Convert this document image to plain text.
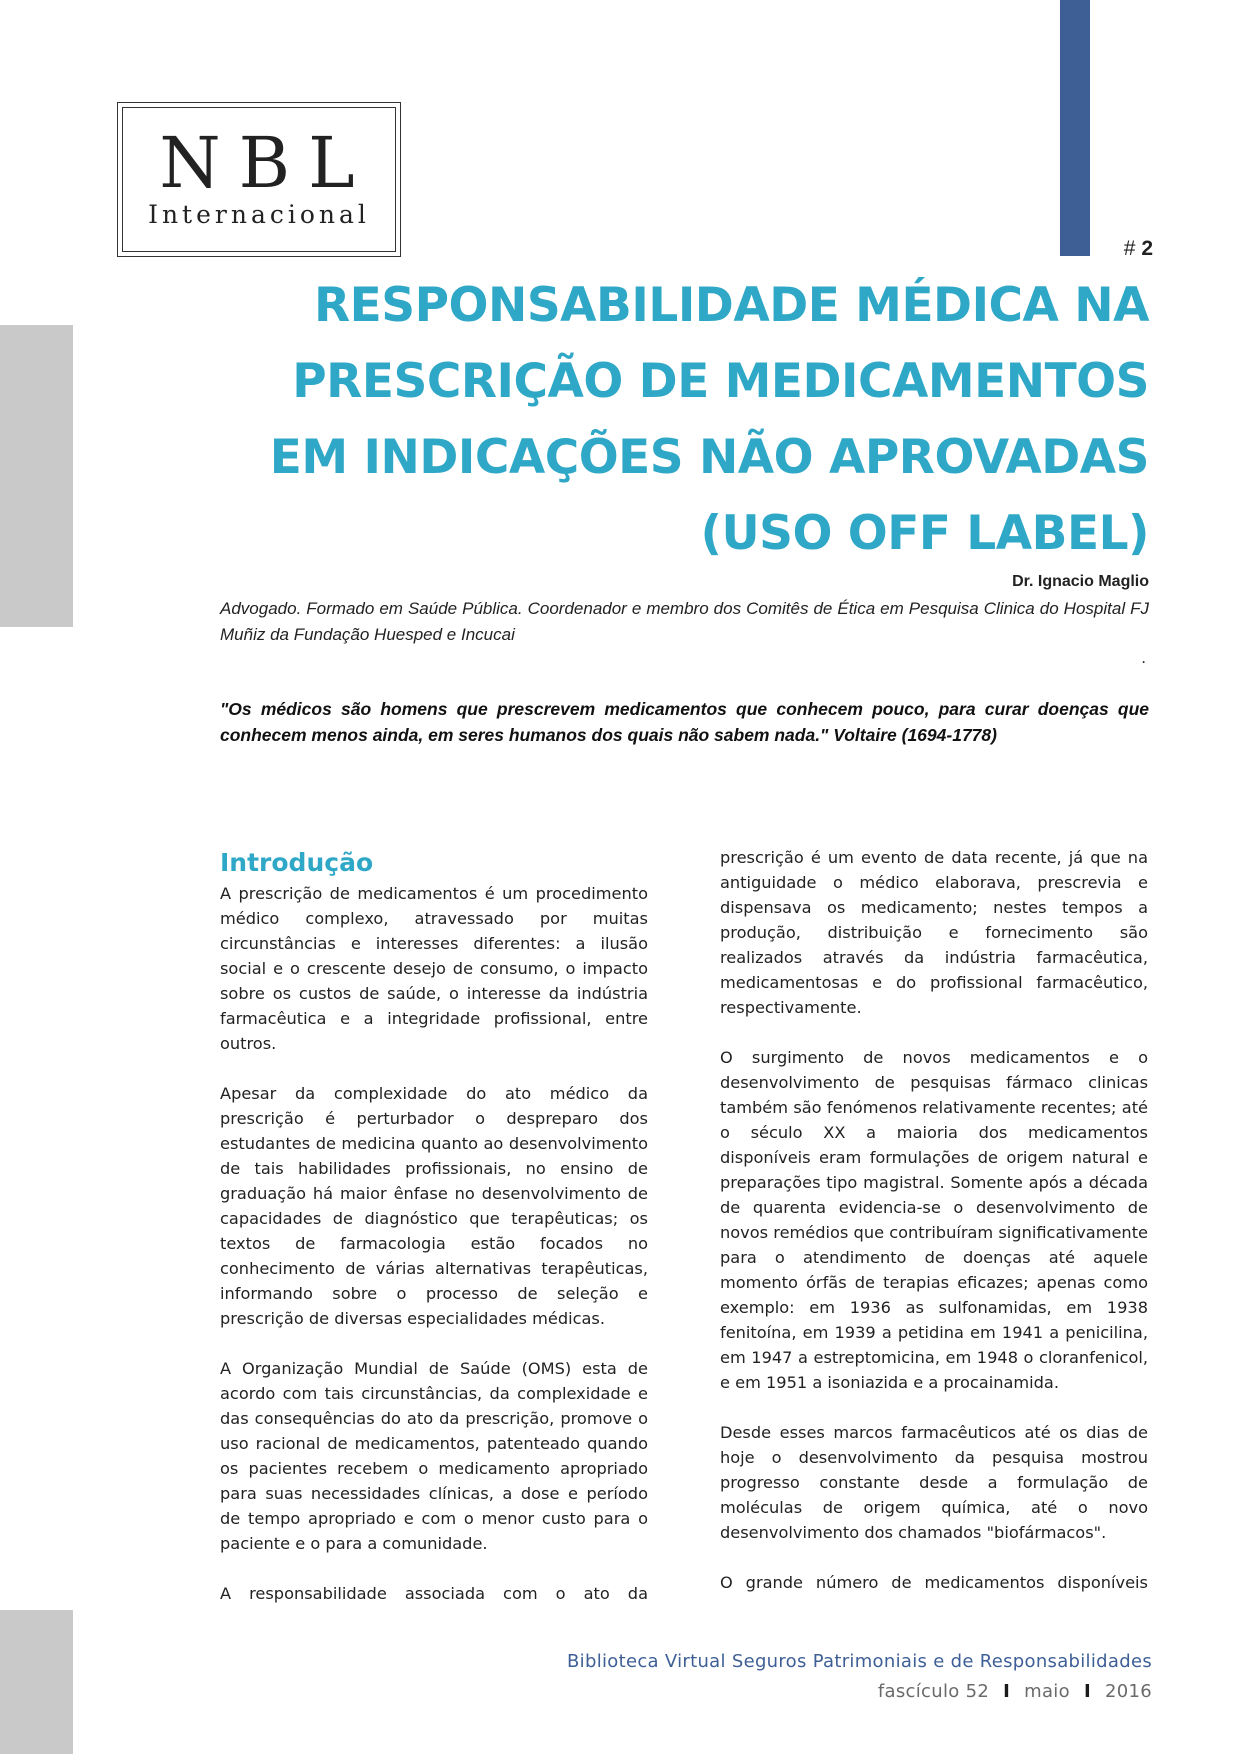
NBL
Internacional
# 2
RESPONSABILIDADE MÉDICA NA
PRESCRIÇÃO DE MEDICAMENTOS
EM INDICAÇÕES NÃO APROVADAS
(USO OFF LABEL)
Dr. Ignacio Maglio
Advogado. Formado em Saúde Pública. Coordenador e membro dos Comitês de Ética em Pesquisa Clinica do Hospital FJ Muñiz da Fundação Huesped e Incucai
.
"Os médicos são homens que prescrevem medicamentos que conhecem pouco, para curar doenças que conhecem menos ainda, em seres humanos dos quais não sabem nada." Voltaire (1694-1778)
Introdução

A prescrição de medicamentos é um procedimento médico complexo, atravessado por muitas circunstâncias e interesses diferentes: a ilusão social e o crescente desejo de consumo, o impacto sobre os custos de saúde, o interesse da indústria farmacêutica e a integridade profissional, entre outros.

Apesar da complexidade do ato médico da prescrição é perturbador o despreparo dos estudantes de medicina quanto ao desenvolvimento de tais habilidades profissionais, no ensino de graduação há maior ênfase no desenvolvimento de capacidades de diagnóstico que terapêuticas; os textos de farmacologia estão focados no conhecimento de várias alternativas terapêuticas, informando sobre o processo de seleção e prescrição de diversas especialidades médicas.

A Organização Mundial de Saúde (OMS) esta de acordo com tais circunstâncias, da complexidade e das consequências do ato da prescrição, promove o uso racional de medicamentos, patenteado quando os pacientes recebem o medicamento apropriado para suas necessidades clínicas, a dose e período de tempo apropriado e com o menor custo para o paciente e o para a comunidade.

A responsabilidade associada com o ato da

prescrição é um evento de data recente, já que na antiguidade o médico elaborava, prescrevia e dispensava os medicamento; nestes tempos a produção, distribuição e fornecimento são realizados através da indústria farmacêutica, medicamentosas e do profissional farmacêutico, respectivamente.

O surgimento de novos medicamentos e o desenvolvimento de pesquisas fármaco clinicas também são fenómenos relativamente recentes; até o século XX a maioria dos medicamentos disponíveis eram formulações de origem natural e preparações tipo magistral. Somente após a década de quarenta evidencia-se o desenvolvimento de novos remédios que contribuíram significativamente para o atendimento de doenças até aquele momento órfãs de terapias eficazes; apenas como exemplo: em 1936 as sulfonamidas, em 1938 fenitoína, em 1939 a petidina em 1941 a penicilina, em 1947 a estreptomicina, em 1948 o cloranfenicol, e em 1951 a isoniazida e a procainamida.

Desde esses marcos farmacêuticos até os dias de hoje o desenvolvimento da pesquisa mostrou progresso constante desde a formulação de moléculas de origem química, até o novo desenvolvimento dos chamados "biofármacos".

O grande número de medicamentos disponíveis

Biblioteca Virtual Seguros Patrimoniais e de Responsabilidades
fascículo 52 I maio I 2016
